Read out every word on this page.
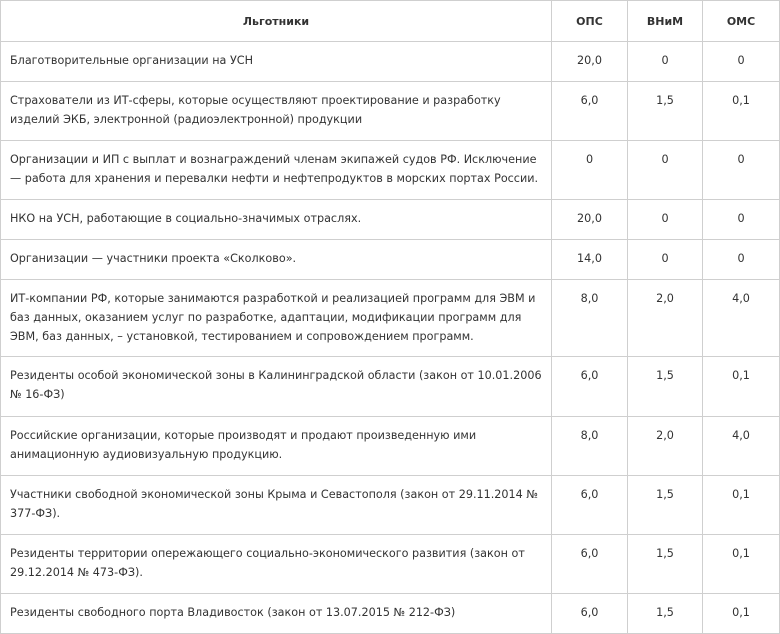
Льготники	ОПС	ВНиМ	ОМС
Благотворительные организации на УСН	20,0	0	0
Страхователи из ИТ-сферы, которые осуществляют проектирование и разработку изделий ЭКБ, электронной (радиоэлектронной) продукции	6,0	1,5	0,1
Организации и ИП с выплат и вознаграждений членам экипажей судов РФ. Исключение — работа для хранения и перевалки нефти и нефтепродуктов в морских портах России.	0	0	0
НКО на УСН, работающие в социально-значимых отраслях.	20,0	0	0
Организации — участники проекта «Сколково».	14,0	0	0
ИТ-компании РФ, которые занимаются разработкой и реализацией программ для ЭВМ и баз данных, оказанием услуг по разработке, адаптации, модификации программ для ЭВМ, баз данных, – установкой, тестированием и сопровождением программ.	8,0	2,0	4,0
Резиденты особой экономической зоны в Калининградской области (закон от 10.01.2006 № 16-ФЗ)	6,0	1,5	0,1
Российские организации, которые производят и продают произведенную ими анимационную аудиовизуальную продукцию.	8,0	2,0	4,0
Участники свободной экономической зоны Крыма и Севастополя (закон от 29.11.2014 № 377-ФЗ).	6,0	1,5	0,1
Резиденты территории опережающего социально-экономического развития (закон от 29.12.2014 № 473-ФЗ).	6,0	1,5	0,1
Резиденты свободного порта Владивосток (закон от 13.07.2015 № 212-ФЗ)	6,0	1,5	0,1
